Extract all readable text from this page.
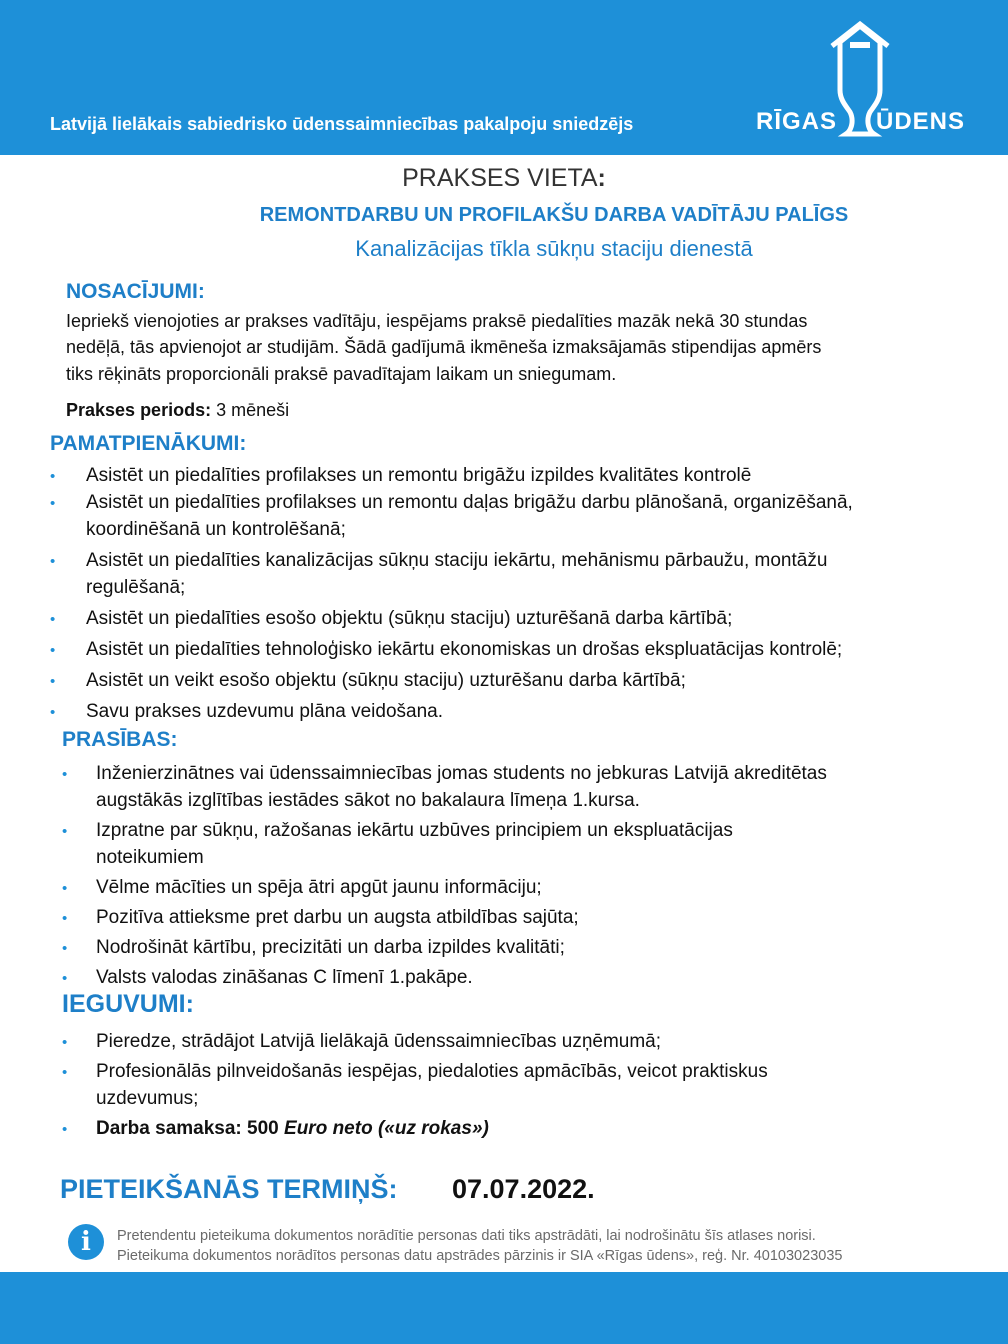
Latvijā lielākais sabiedrisko ūdenssaimniecības pakalpoju sniedzējs	RĪGAS ŪDENS
PRAKSES VIETA:
REMONTDARBU UN PROFILAKŠU DARBA VADĪTĀJU PALĪGS
Kanalizācijas tīkla sūkņu staciju dienestā
NOSACĪJUMI:
Iepriekš vienojoties ar prakses vadītāju, iespējams praksē piedalīties mazāk nekā 30 stundas
nedēļā, tās apvienojot ar studijām. Šādā gadījumā ikmēneša izmaksājamās stipendijas apmērs
tiks rēķināts proporcionāli praksē pavadītajam laikam un sniegumam.
Prakses periods: 3 mēneši
PAMATPIENĀKUMI:
• Asistēt un piedalīties profilakses un remontu brigāžu izpildes kvalitātes kontrolē
• Asistēt un piedalīties profilakses un remontu daļas brigāžu darbu plānošanā, organizēšanā,
koordinēšanā un kontrolēšanā;
• Asistēt un piedalīties kanalizācijas sūkņu staciju iekārtu, mehānismu pārbaužu, montāžu
regulēšanā;
• Asistēt un piedalīties esošo objektu (sūkņu staciju) uzturēšanā darba kārtībā;
• Asistēt un piedalīties tehnoloģisko iekārtu ekonomiskas un drošas ekspluatācijas kontrolē;
• Asistēt un veikt esošo objektu (sūkņu staciju) uzturēšanu darba kārtībā;
• Savu prakses uzdevumu plāna veidošana.
PRASĪBAS:
• Inženierzinātnes vai ūdenssaimniecības jomas students no jebkuras Latvijā akreditētas
augstākās izglītības iestādes sākot no bakalaura līmeņa 1.kursa.
• Izpratne par sūkņu, ražošanas iekārtu uzbūves principiem un ekspluatācijas
noteikumiem
• Vēlme mācīties un spēja ātri apgūt jaunu informāciju;
• Pozitīva attieksme pret darbu un augsta atbildības sajūta;
• Nodrošināt kārtību, precizitāti un darba izpildes kvalitāti;
• Valsts valodas zināšanas C līmenī 1.pakāpe.
IEGUVUMI:
• Pieredze, strādājot Latvijā lielākajā ūdenssaimniecības uzņēmumā;
• Profesionālās pilnveidošanās iespējas, piedaloties apmācībās, veicot praktiskus
uzdevumus;
• Darba samaksa: 500 Euro neto («uz rokas»)
PIETEIKŠANĀS TERMIŅŠ: 07.07.2022.
i	Pretendentu pieteikuma dokumentos norādītie personas dati tiks apstrādāti, lai nodrošinātu šīs atlases norisi.
Pieteikuma dokumentos norādītos personas datu apstrādes pārzinis ir SIA «Rīgas ūdens», reģ. Nr. 40103023035
